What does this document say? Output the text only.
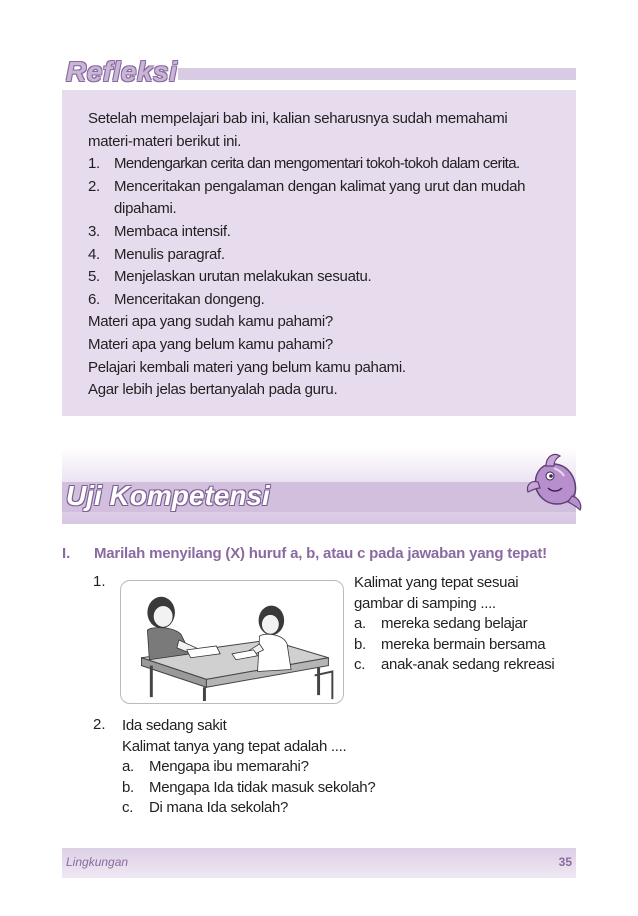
Refleksi

Setelah mempelajari bab ini, kalian seharusnya sudah memahami

materi-materi berikut ini.

1. Mendengarkan cerita dan mengomentari tokoh-tokoh dalam cerita.
2. Menceritakan pengalaman dengan kalimat yang urut dan mudah dipahami.
3. Membaca intensif.
4. Menulis paragraf.
5. Menjelaskan urutan melakukan sesuatu.
6. Menceritakan dongeng.

Materi apa yang sudah kamu pahami?

Materi apa yang belum kamu pahami?

Pelajari kembali materi yang belum kamu pahami.

Agar lebih jelas bertanyalah pada guru.

Uji Kompetensi
I. Marilah menyilang (X) huruf a, b, atau c pada jawaban yang tepat!
1.	Kalimat yang tepat sesuai

gambar di samping ....

a.	mereka sedang belajar
b.	mereka bermain bersama
c.	anak-anak sedang rekreasi
2. Ida sedang sakit

Kalimat tanya yang tepat adalah ....

a.	Mengapa ibu memarahi?
b.	Mengapa Ida tidak masuk sekolah?
c.	Di mana Ida sekolah?
Lingkungan	35
